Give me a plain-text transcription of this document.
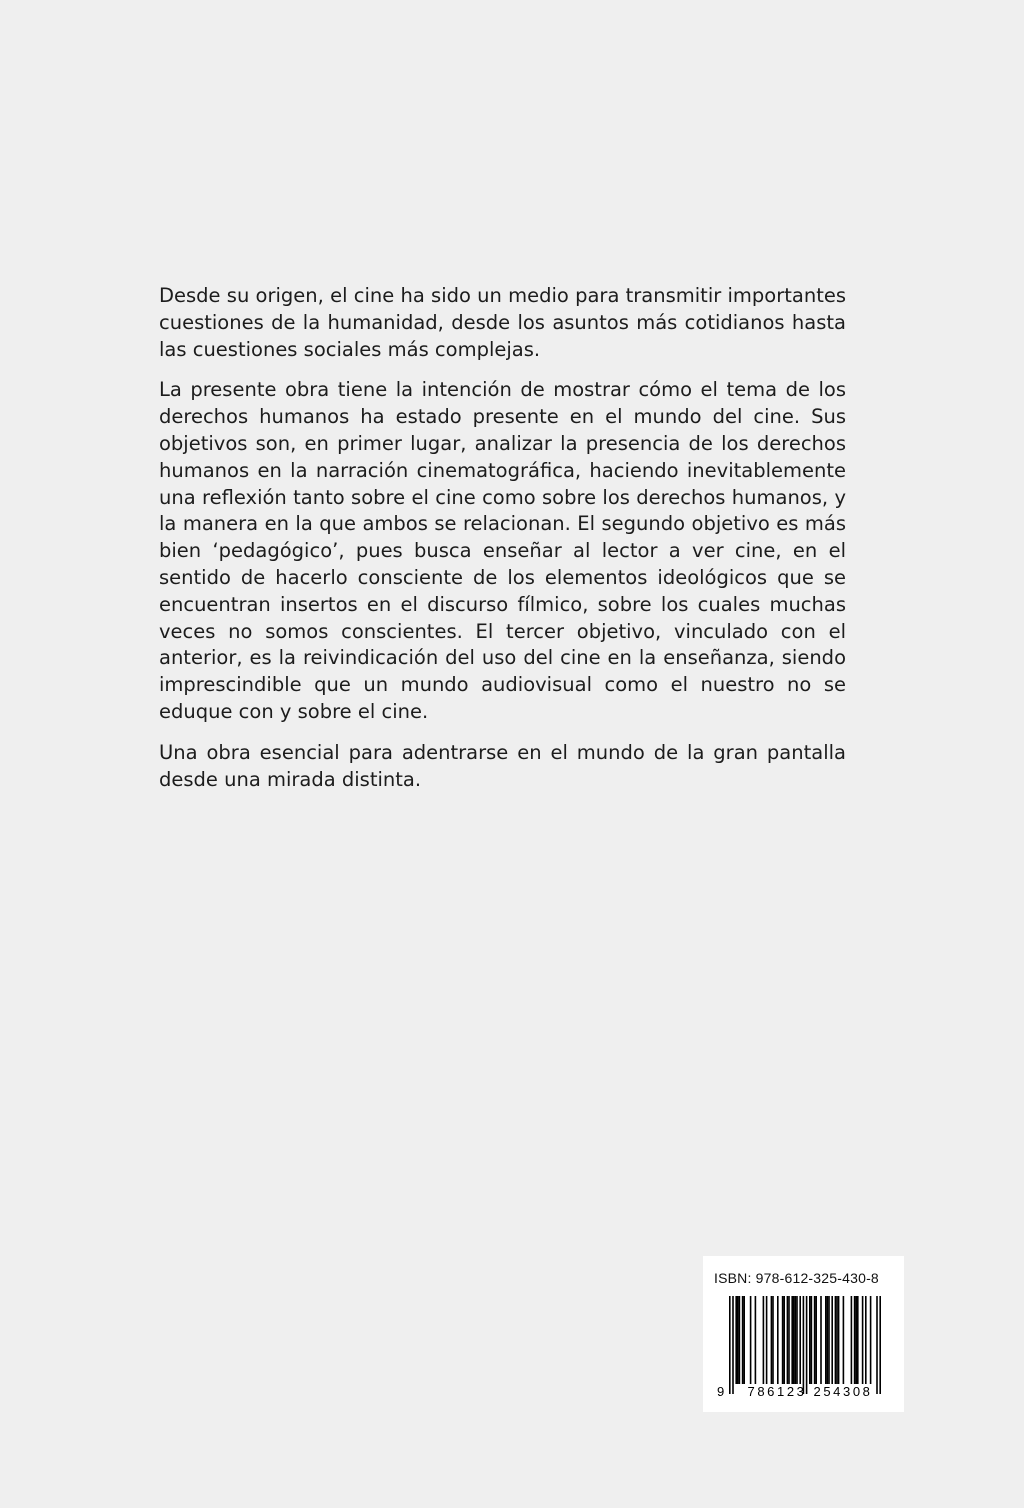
Desde su origen, el cine ha sido un medio para transmitir importantes cuestiones de la humanidad, desde los asuntos más cotidianos hasta las cuestiones sociales más complejas.

La presente obra tiene la intención de mostrar cómo el tema de los derechos humanos ha estado presente en el mundo del cine. Sus objetivos son, en primer lugar, analizar la presencia de los derechos humanos en la narración cinematográfica, haciendo inevitablemente una reflexión tanto sobre el cine como sobre los derechos humanos, y la manera en la que ambos se relacionan. El segundo objetivo es más bien ‘pedagógico’, pues busca enseñar al lector a ver cine, en el sentido de hacerlo consciente de los elementos ideológicos que se encuentran insertos en el discurso fílmico, sobre los cuales muchas veces no somos conscientes. El tercer objetivo, vinculado con el anterior, es la reivindicación del uso del cine en la enseñanza, siendo imprescindible que un mundo audiovisual como el nuestro no se eduque con y sobre el cine.

Una obra esencial para adentrarse en el mundo de la gran pantalla desde una mirada distinta.

ISBN: 978-612-325-430-8
9 786123 254308
